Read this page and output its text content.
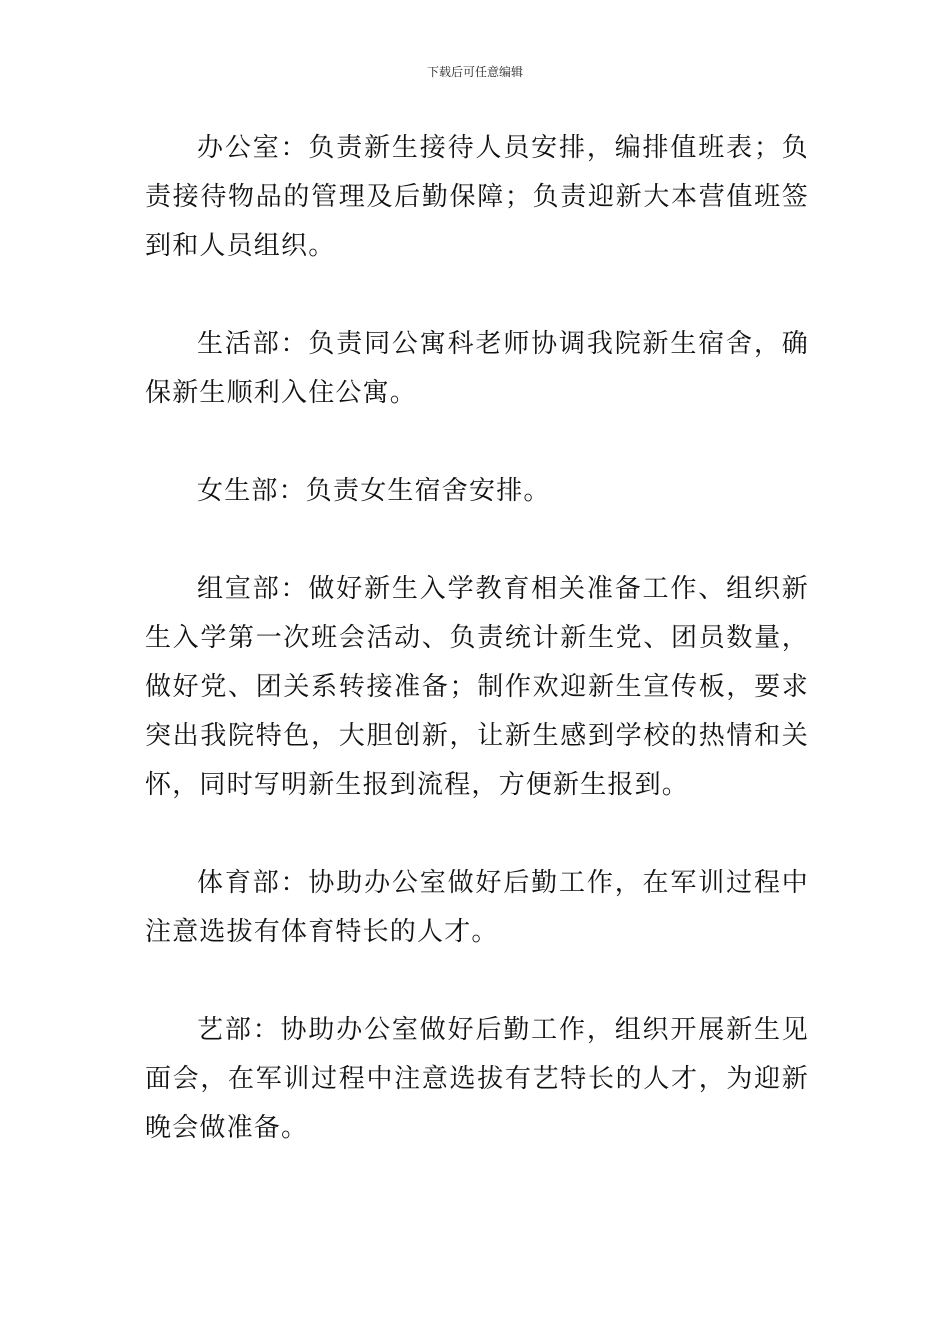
下载后可任意编辑

办公室：负责新生接待人员安排，编排值班表；负责接待物品的管理及后勤保障；负责迎新大本营值班签到和人员组织。

生活部：负责同公寓科老师协调我院新生宿舍，确保新生顺利入住公寓。

女生部：负责女生宿舍安排。

组宣部：做好新生入学教育相关准备工作、组织新生入学第一次班会活动、负责统计新生党、团员数量，做好党、团关系转接准备；制作欢迎新生宣传板，要求突出我院特色，大胆创新，让新生感到学校的热情和关怀，同时写明新生报到流程，方便新生报到。

体育部：协助办公室做好后勤工作，在军训过程中注意选拔有体育特长的人才。

艺部：协助办公室做好后勤工作，组织开展新生见面会，在军训过程中注意选拔有艺特长的人才，为迎新晚会做准备。
